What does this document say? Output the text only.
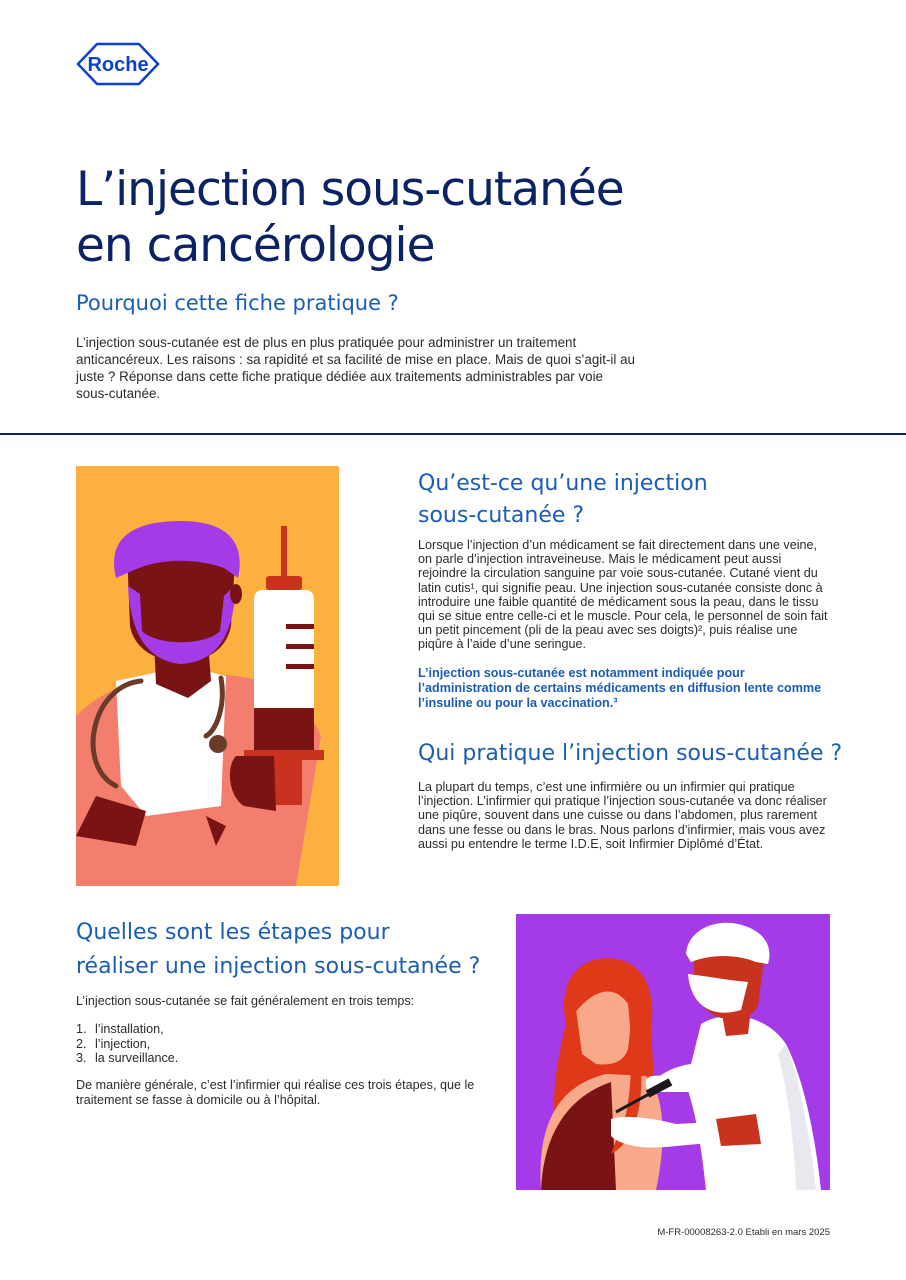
Roche
L’injection sous-cutanée
en cancérologie
Pourquoi cette fiche pratique ?

L’injection sous-cutanée est de plus en plus pratiquée pour administrer un traitement anticancéreux. Les raisons : sa rapidité et sa facilité de mise en place. Mais de quoi s’agit-il au juste ? Réponse dans cette fiche pratique dédiée aux traitements administrables par voie sous-cutanée.

Qu’est-ce qu’une injection
sous-cutanée ?

Lorsque l’injection d’un médicament se fait directement dans une veine, on parle d’injection intraveineuse. Mais le médicament peut aussi rejoindre la circulation sanguine par voie sous-cutanée. Cutané vient du latin cutis¹, qui signifie peau. Une injection sous-cutanée consiste donc à introduire une faible quantité de médicament sous la peau, dans le tissu qui se situe entre celle-ci et le muscle. Pour cela, le personnel de soin fait un petit pincement (pli de la peau avec ses doigts)², puis réalise une piqûre à l’aide d’une seringue.

L’injection sous-cutanée est notamment indiquée pour l’administration de certains médicaments en diffusion lente comme l’insuline ou pour la vaccination.³

Qui pratique l’injection sous-cutanée ?

La plupart du temps, c’est une infirmière ou un infirmier qui pratique l’injection. L’infirmier qui pratique l’injection sous-cutanée va donc réaliser une piqûre, souvent dans une cuisse ou dans l’abdomen, plus rarement dans une fesse ou dans le bras. Nous parlons d’infirmier, mais vous avez aussi pu entendre le terme I.D.E, soit Infirmier Diplômé d’État.

Quelles sont les étapes pour
réaliser une injection sous-cutanée ?

L’injection sous-cutanée se fait généralement en trois temps:

1. l’installation,
2. l’injection,
3. la surveillance.

De manière générale, c’est l’infirmier qui réalise ces trois étapes, que le traitement se fasse à domicile ou à l’hôpital.

M-FR-00008263-2.0 Etabli en mars 2025
